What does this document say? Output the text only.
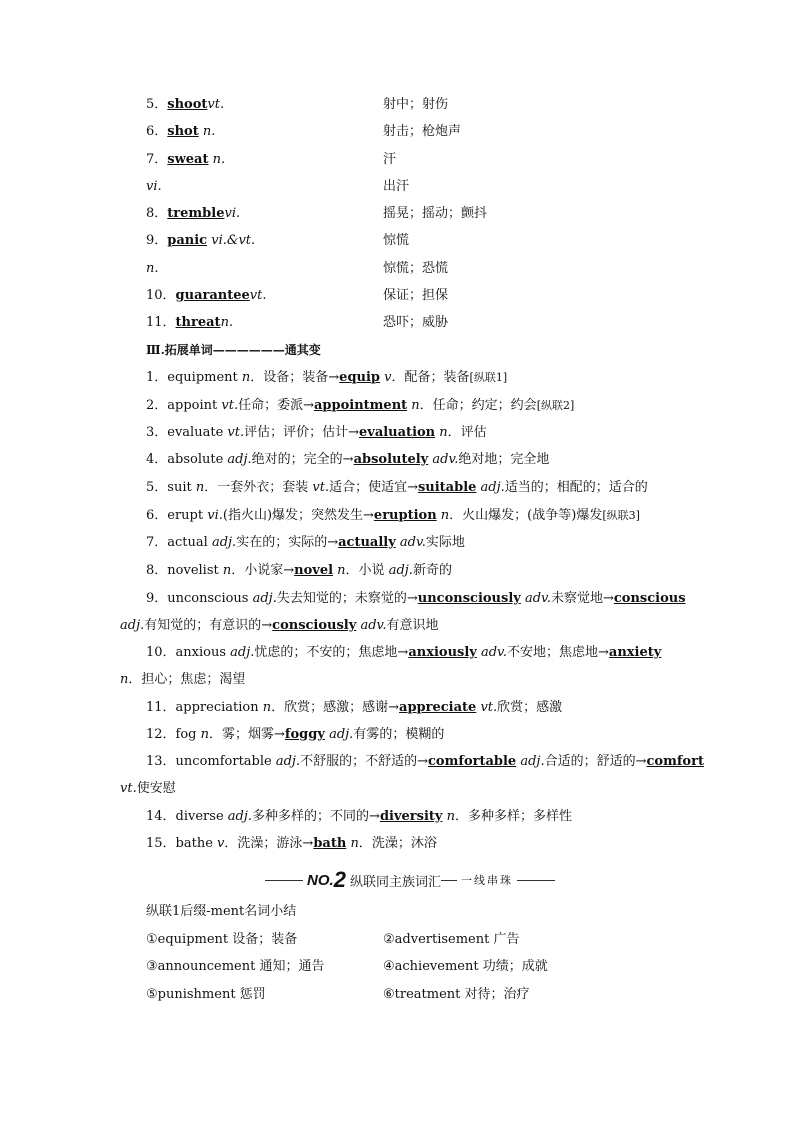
5．shootvt.	射中；射伤
6．shot n.	射击；枪炮声
7．sweat n.	汗
vi.	出汗
8．tremblevi.	摇晃；摇动；颤抖
9．panic vi.&vt.	惊慌
n.	惊慌；恐慌
10．guaranteevt.	保证；担保
11．threatn.	恐吓；威胁
Ⅲ.拓展单词——————通其变
1．equipment n．设备；装备→equip v．配备；装备[纵联1]
2．appoint vt.任命；委派→appointment n．任命；约定；约会[纵联2]
3．evaluate vt.评估；评价；估计→evaluation n．评估
4．absolute adj.绝对的；完全的→absolutely adv.绝对地；完全地
5．suit n．一套外衣；套装 vt.适合；使适宜→suitable adj.适当的；相配的；适合的
6．erupt vi.(指火山)爆发；突然发生→eruption n．火山爆发；(战争等)爆发[纵联3]
7．actual adj.实在的；实际的→actually adv.实际地
8．novelist n．小说家→novel n．小说 adj.新奇的
9．unconscious adj.失去知觉的；未察觉的→unconsciously adv.未察觉地→conscious
adj.有知觉的；有意识的→consciously adv.有意识地
10．anxious adj.忧虑的；不安的；焦虑地→anxiously adv.不安地；焦虑地→anxiety
n．担心；焦虑；渴望
11．appreciation n．欣赏；感激；感谢→appreciate vt.欣赏；感激
12．fog n．雾；烟雾→foggy adj.有雾的；模糊的
13．uncomfortable adj.不舒服的；不舒适的→comfortable adj.合适的；舒适的→comfort
vt.使安慰
14．diverse adj.多种多样的；不同的→diversity n．多种多样；多样性
15．bathe v．洗澡；游泳→bath n．洗澡；沐浴
NO. 2 纵联同主族词汇 一线串珠
纵联1后缀-ment名词小结
①equipment 设备；装备	②advertisement 广告
③announcement 通知；通告	④achievement 功绩；成就
⑤punishment 惩罚	⑥treatment 对待；治疗
